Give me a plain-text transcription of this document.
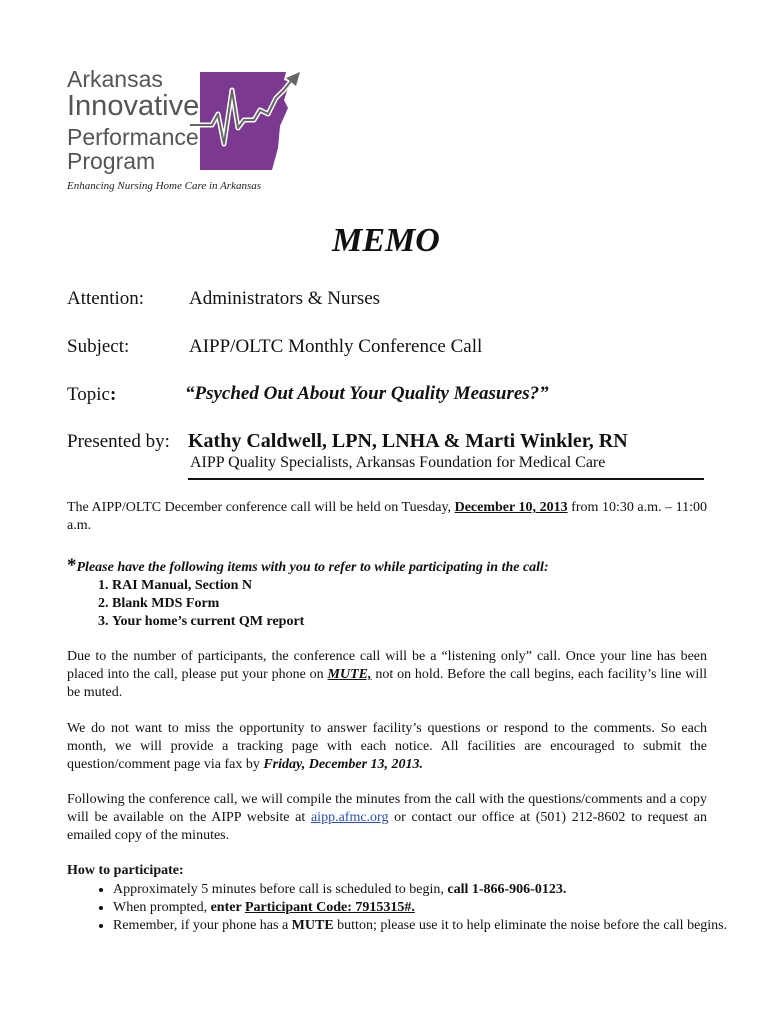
Arkansas
Innovative
Performance
Program
Enhancing Nursing Home Care in Arkansas
MEMO
Attention: Administrators & Nurses
Subject:	AIPP/OLTC Monthly Conference Call
Topic:	“Psyched Out About Your Quality Measures?”
Presented by: Kathy Caldwell, LPN, LNHA & Marti Winkler, RN
AIPP Quality Specialists, Arkansas Foundation for Medical Care
The AIPP/OLTC December conference call will be held on Tuesday, December 10, 2013 from 10:30 a.m. – 11:00 a.m.
*Please have the following items with you to refer to while participating in the call:
1. RAI Manual, Section N
2. Blank MDS Form
3. Your home’s current QM report
Due to the number of participants, the conference call will be a “listening only” call. Once your line has been placed into the call, please put your phone on MUTE, not on hold. Before the call begins, each facility’s line will be muted.
We do not want to miss the opportunity to answer facility’s questions or respond to the comments. So each month, we will provide a tracking page with each notice. All facilities are encouraged to submit the question/comment page via fax by Friday, December 13, 2013.
Following the conference call, we will compile the minutes from the call with the questions/comments and a copy will be available on the AIPP website at aipp.afmc.org or contact our office at (501) 212-8602 to request an emailed copy of the minutes.
How to participate:
• Approximately 5 minutes before call is scheduled to begin, call 1-866-906-0123.
• When prompted, enter Participant Code: 7915315#.
• Remember, if your phone has a MUTE button; please use it to help eliminate the noise before the call begins.
